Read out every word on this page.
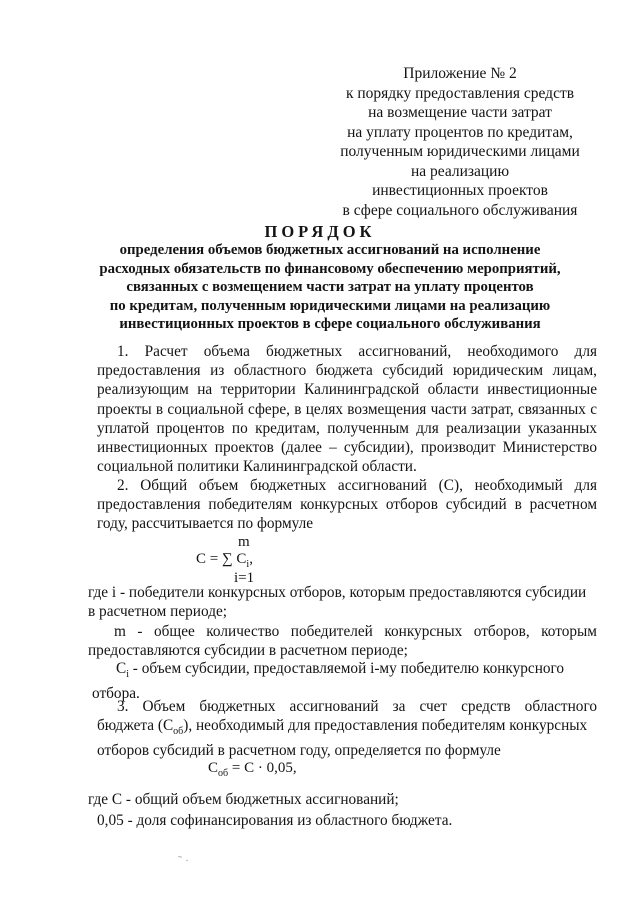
Приложение № 2
к порядку предоставления средств
на возмещение части затрат
на уплату процентов по кредитам,
полученным юридическими лицами
на реализацию
инвестиционных проектов
в сфере социального обслуживания
ПОРЯДОК
определения объемов бюджетных ассигнований на исполнение
расходных обязательств по финансовому обеспечению мероприятий,
связанных с возмещением части затрат на уплату процентов
по кредитам, полученным юридическими лицами на реализацию
инвестиционных проектов в сфере социального обслуживания
1. Расчет объема бюджетных ассигнований, необходимого для
предоставления из областного бюджета субсидий юридическим лицам,
реализующим на территории Калининградской области инвестиционные
проекты в социальной сфере, в целях возмещения части затрат, связанных с
уплатой процентов по кредитам, полученным для реализации указанных
инвестиционных проектов (далее – субсидии), производит Министерство
социальной политики Калининградской области.
2. Общий объем бюджетных ассигнований (С), необходимый для
предоставления победителям конкурсных отборов субсидий в расчетном
году, рассчитывается по формуле
m
C = ∑ $C_i$,
i=1
где i - победители конкурсных отборов, которым предоставляются субсидии
в расчетном периоде;
m - общее количество победителей конкурсных отборов, которым
предоставляются субсидии в расчетном периоде;
$C_i$ - объем субсидии, предоставляемой i-му победителю конкурсного
отбора.
3. Объем бюджетных ассигнований за счет средств областного
бюджета $(С_{об})$, необходимый для предоставления победителям конкурсных
отборов субсидий в расчетном году, определяется по формуле
$C_{об} = C \cdot 0,05$,
где С - общий объем бюджетных ассигнований;
0,05 - доля софинансирования из областного бюджета.
˜ ·
